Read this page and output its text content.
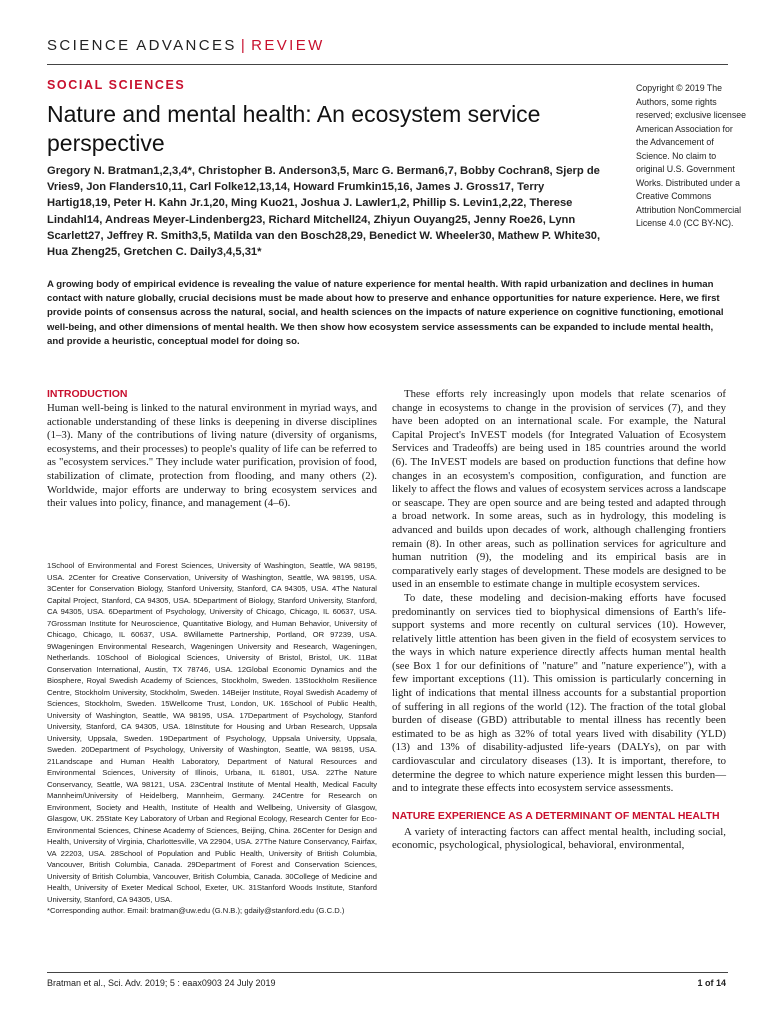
SCIENCE ADVANCES | REVIEW
SOCIAL SCIENCES
Nature and mental health: An ecosystem service perspective
Copyright © 2019 The Authors, some rights reserved; exclusive licensee American Association for the Advancement of Science. No claim to original U.S. Government Works. Distributed under a Creative Commons Attribution NonCommercial License 4.0 (CC BY-NC).
Gregory N. Bratman1,2,3,4*, Christopher B. Anderson3,5, Marc G. Berman6,7, Bobby Cochran8, Sjerp de Vries9, Jon Flanders10,11, Carl Folke12,13,14, Howard Frumkin15,16, James J. Gross17, Terry Hartig18,19, Peter H. Kahn Jr.1,20, Ming Kuo21, Joshua J. Lawler1,2, Phillip S. Levin1,2,22, Therese Lindahl14, Andreas Meyer-Lindenberg23, Richard Mitchell24, Zhiyun Ouyang25, Jenny Roe26, Lynn Scarlett27, Jeffrey R. Smith3,5, Matilda van den Bosch28,29, Benedict W. Wheeler30, Mathew P. White30, Hua Zheng25, Gretchen C. Daily3,4,5,31*
A growing body of empirical evidence is revealing the value of nature experience for mental health. With rapid urbanization and declines in human contact with nature globally, crucial decisions must be made about how to preserve and enhance opportunities for nature experience. Here, we first provide points of consensus across the natural, social, and health sciences on the impacts of nature experience on cognitive functioning, emotional well-being, and other dimensions of mental health. We then show how ecosystem service assessments can be expanded to include mental health, and provide a heuristic, conceptual model for doing so.
INTRODUCTION

Human well-being is linked to the natural environment in myriad ways, and actionable understanding of these links is deepening in diverse disciplines (1–3). Many of the contributions of living nature (diversity of organisms, ecosystems, and their processes) to people's quality of life can be referred to as "ecosystem services." They include water purification, provision of food, stabilization of climate, protection from flooding, and many others (2). Worldwide, major efforts are underway to bring ecosystem services and their values into policy, finance, and management (4–6).

1School of Environmental and Forest Sciences, University of Washington, Seattle, WA 98195, USA. 2Center for Creative Conservation, University of Washington, Seattle, WA 98195, USA. 3Center for Conservation Biology, Stanford University, Stanford, CA 94305, USA. 4The Natural Capital Project, Stanford, CA 94305, USA. 5Department of Biology, Stanford University, Stanford, CA 94305, USA. 6Department of Psychology, University of Chicago, Chicago, IL 60637, USA. 7Grossman Institute for Neuroscience, Quantitative Biology, and Human Behavior, University of Chicago, Chicago, IL 60637, USA. 8Willamette Partnership, Portland, OR 97239, USA. 9Wageningen Environmental Research, Wageningen University and Research, Wageningen, Netherlands. 10School of Biological Sciences, University of Bristol, Bristol, UK. 11Bat Conservation International, Austin, TX 78746, USA. 12Global Economic Dynamics and the Biosphere, Royal Swedish Academy of Sciences, Stockholm, Sweden. 13Stockholm Resilience Centre, Stockholm University, Stockholm, Sweden. 14Beijer Institute, Royal Swedish Academy of Sciences, Stockholm, Sweden. 15Wellcome Trust, London, UK. 16School of Public Health, University of Washington, Seattle, WA 98195, USA. 17Department of Psychology, Stanford University, Stanford, CA 94305, USA. 18Institute for Housing and Urban Research, Uppsala University, Uppsala, Sweden. 19Department of Psychology, Uppsala University, Uppsala, Sweden. 20Department of Psychology, University of Washington, Seattle, WA 98195, USA. 21Landscape and Human Health Laboratory, Department of Natural Resources and Environmental Sciences, University of Illinois, Urbana, IL 61801, USA. 22The Nature Conservancy, Seattle, WA 98121, USA. 23Central Institute of Mental Health, Medical Faculty Mannheim/University of Heidelberg, Mannheim, Germany. 24Centre for Research on Environment, Society and Health, Institute of Health and Wellbeing, University of Glasgow, Glasgow, UK. 25State Key Laboratory of Urban and Regional Ecology, Research Center for Eco-Environmental Sciences, Chinese Academy of Sciences, Beijing, China. 26Center for Design and Health, University of Virginia, Charlottesville, VA 22904, USA. 27The Nature Conservancy, Fairfax, VA 22203, USA. 28School of Population and Public Health, University of British Columbia, Vancouver, British Columbia, Canada. 29Department of Forest and Conservation Sciences, University of British Columbia, Vancouver, British Columbia, Canada. 30College of Medicine and Health, University of Exeter Medical School, Exeter, UK. 31Stanford Woods Institute, Stanford University, Stanford, CA 94305, USA.
*Corresponding author. Email: bratman@uw.edu (G.N.B.); gdaily@stanford.edu (G.C.D.)

These efforts rely increasingly upon models that relate scenarios of change in ecosystems to change in the provision of services (7), and they have been adopted on an international scale. For example, the Natural Capital Project's InVEST models (for Integrated Valuation of Ecosystem Services and Tradeoffs) are being used in 185 countries around the world (6). The InVEST models are based on production functions that define how changes in an ecosystem's composition, configuration, and function are likely to affect the flows and values of ecosystem services across a landscape or seascape. They are open source and are being tested and adapted through a broad network. In some areas, such as in hydrology, this modeling is advanced and builds upon decades of work, although challenging frontiers remain (8). In other areas, such as pollination services for agriculture and human nutrition (9), the modeling and its empirical basis are in comparatively early stages of development. These models are designed to be used in an ensemble to estimate change in multiple ecosystem services.

To date, these modeling and decision-making efforts have focused predominantly on services tied to biophysical dimensions of Earth's life-support systems and more recently on cultural services (10). However, relatively little attention has been given in the field of ecosystem services to the ways in which nature experience directly affects human mental health (see Box 1 for our definitions of "nature" and "nature experience"), with a few important exceptions (11). This omission is particularly concerning in light of indications that mental illness accounts for a substantial proportion of suffering in all regions of the world (12). The fraction of the total global burden of disease (GBD) attributable to mental illness has recently been estimated to be as high as 32% of total years lived with disability (YLD) (13) and 13% of disability-adjusted life-years (DALYs), on par with cardiovascular and circulatory diseases (13). It is important, therefore, to determine the degree to which nature experience might lessen this burden—and to integrate these effects into ecosystem service assessments.

NATURE EXPERIENCE AS A DETERMINANT OF MENTAL HEALTH

A variety of interacting factors can affect mental health, including social, economic, psychological, physiological, behavioral, environmental,

Bratman et al., Sci. Adv. 2019; 5 : eaax0903 24 July 2019	1 of 14
